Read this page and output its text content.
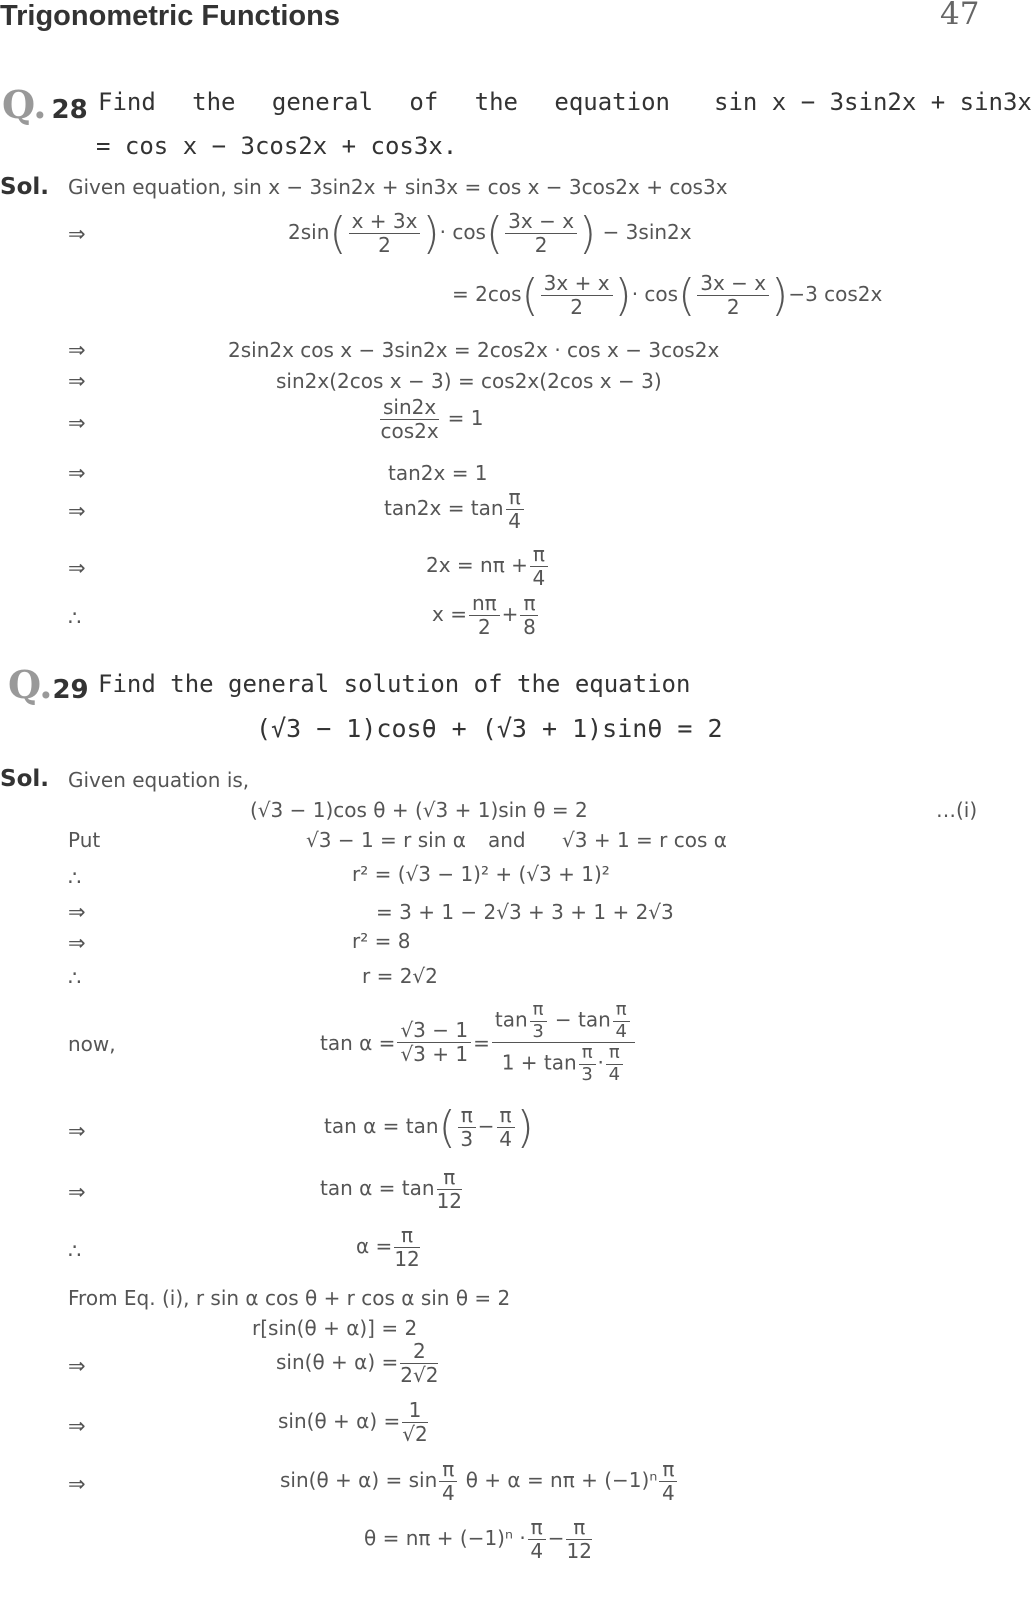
Trigonometric Functions	47
Q. 28 Find the general of the equation sin x − 3sin2x + sin3x
= cos x − 3cos2x + cos3x.
Sol. Given equation, sin x − 3sin2x + sin3x = cos x − 3cos2x + cos3x
⇒	$2\sin( \frac{x + 3x}{2}$ )· $\cos( \frac{3x - x}{2}$ ) − 3sin2x
= $2\cos( \frac{3x + x}{2}$ )· $\cos( \frac{3x - x}{2} )-3$ cos2x
⇒	2sin2x cos x − 3sin2x = 2cos2x · cos x − 3cos2x
⇒	sin2x(2cos x − 3) = cos2x(2cos x − 3)
⇒	$\frac{\sin 2x}{\cos 2x} = 1$
⇒	tan2x = 1
⇒	$\tan 2x = \tan \frac{\pi}{4}$
⇒	$2x = n\pi + \frac{\pi}{4}$
∴	$x = \frac{n\pi}{2} + \frac{\pi}{8}$
Q.29 Find the general solution of the equation
(√3 − 1)cosθ + (√3 + 1)sinθ = 2
Sol. Given equation is,
(√3 − 1)cos θ + (√3 + 1)sin θ = 2	…(i)
Put	√3 − 1 = r sin α and √3 + 1 = r cos α
∴	r² = (√3 − 1)² + (√3 + 1)²
⇒	= 3 + 1 − 2√3 + 3 + 1 + 2√3
⇒	r² = 8
∴	r = 2√2
now,	$\tan \alpha = \frac{√3 - 1}{√3 + 1} = \frac{\tan \frac{\pi}{3} - \tan \frac{\pi}{4}}{1 + \tan \frac{\pi}{3} \cdot \frac{\pi}{4}}$
⇒	$\tan \alpha = \tan( \frac{\pi}{3} - \frac{\pi}{4}$ )
⇒	$\tan \alpha = \tan \frac{\pi}{12}$
∴	$\alpha = \frac{\pi}{12}$
From Eq. (i), r sin α cos θ + r cos α sin θ = 2
r[sin(θ + α)] = 2
⇒	$\sin(\theta + \alpha) = \frac{2}{2√2}$
⇒	$\sin(\theta + \alpha) = \frac{1}{√2}$
⇒	$\sin(\theta + \alpha) = \sin \frac{\pi}{4}$ $\theta + \alpha = n\pi + (-1)^n \frac{\pi}{4}$
$\theta = n\pi + (-1)^n \cdot \frac{\pi}{4} - \frac{\pi}{12}$
